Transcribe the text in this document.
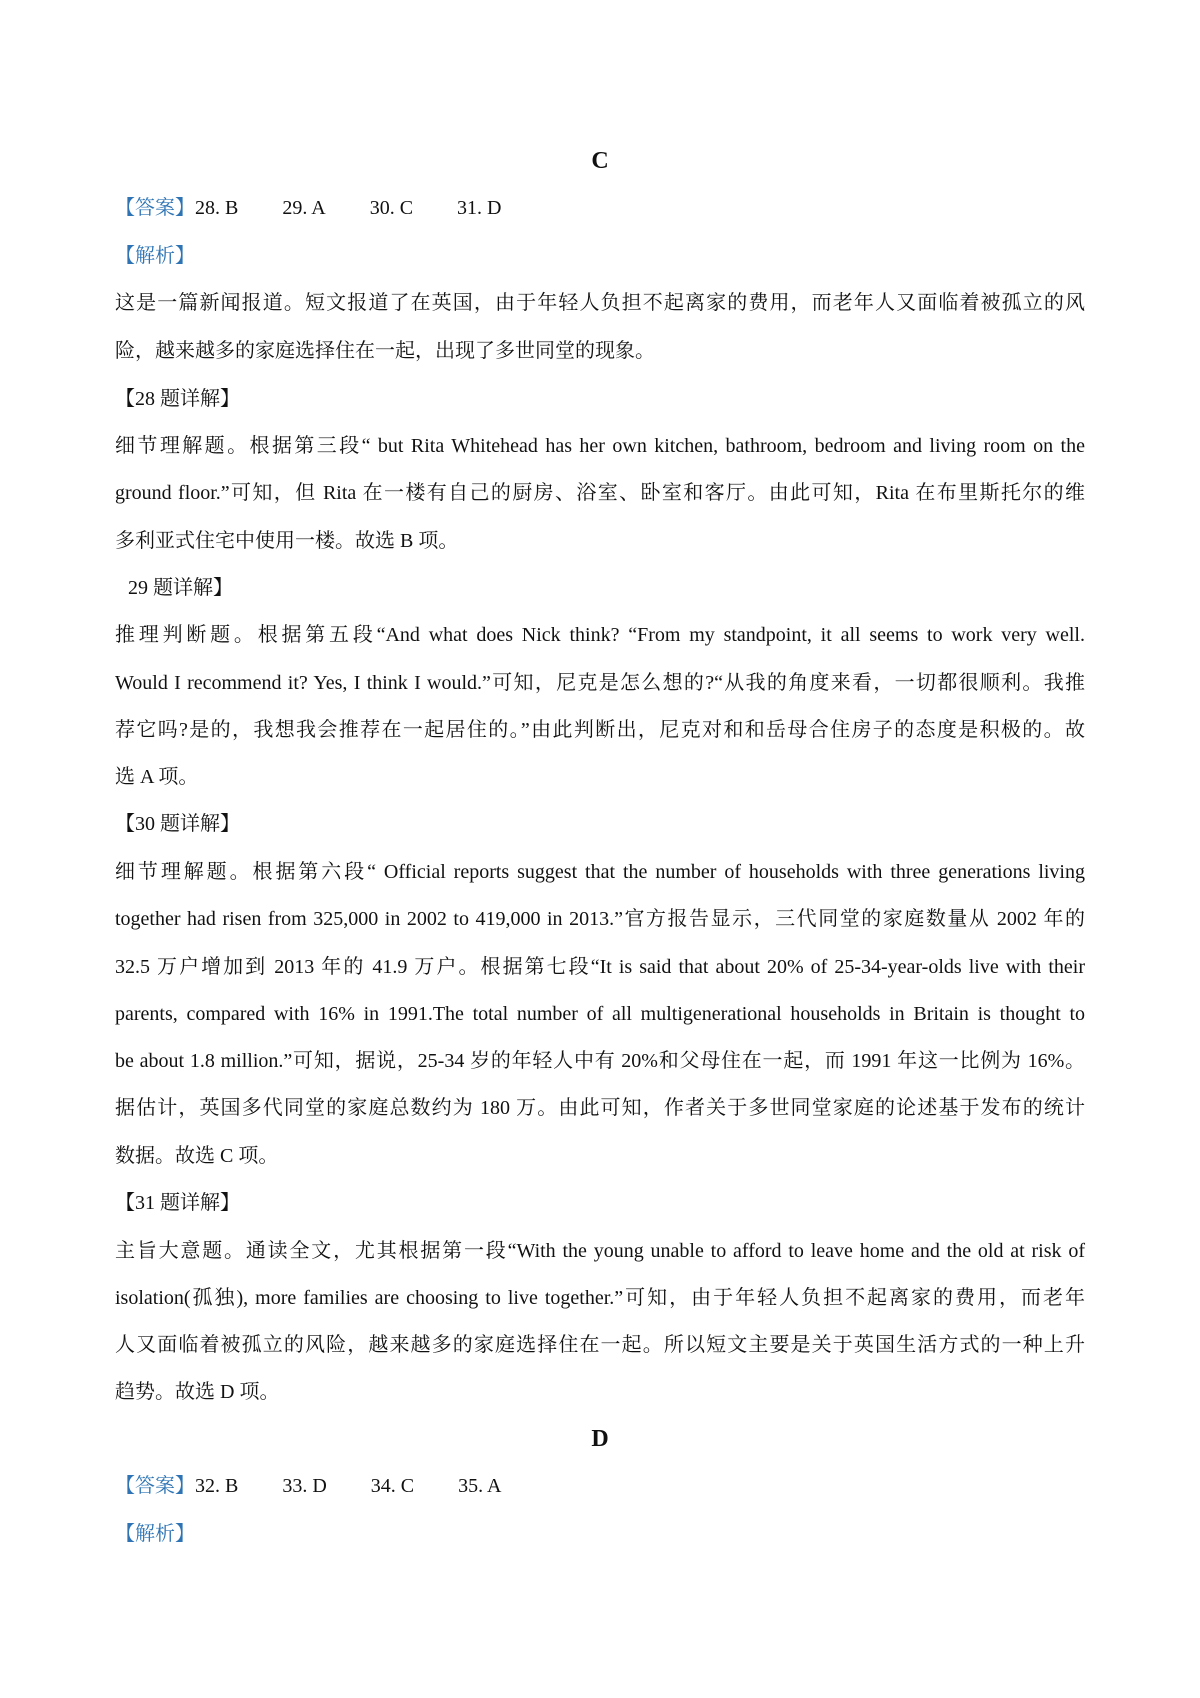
C
【答案】28. B 29. A 30. C 31. D
【解析】
这是一篇新闻报道。短文报道了在英国，由于年轻人负担不起离家的费用，而老年人又面临着被孤立的风
险，越来越多的家庭选择住在一起，出现了多世同堂的现象。
【28 题详解】
细节理解题。根据第三段“ but Rita Whitehead has her own kitchen, bathroom, bedroom and living room on the
ground floor.”可知，但 Rita 在一楼有自己的厨房、浴室、卧室和客厅。由此可知，Rita 在布里斯托尔的维
多利亚式住宅中使用一楼。故选 B 项。
29 题详解】
推理判断题。根据第五段“And what does Nick think? “From my standpoint, it all seems to work very well.
Would I recommend it? Yes, I think I would.”可知，尼克是怎么想的?“从我的角度来看，一切都很顺利。我推
荐它吗?是的，我想我会推荐在一起居住的。”由此判断出，尼克对和和岳母合住房子的态度是积极的。故
选 A 项。
【30 题详解】
细节理解题。根据第六段“ Official reports suggest that the number of households with three generations living
together had risen from 325,000 in 2002 to 419,000 in 2013.”官方报告显示，三代同堂的家庭数量从 2002 年的
32.5 万户增加到 2013 年的 41.9 万户。根据第七段“It is said that about 20% of 25-34-year-olds live with their
parents, compared with 16% in 1991.The total number of all multigenerational households in Britain is thought to
be about 1.8 million.”可知，据说，25-34 岁的年轻人中有 20%和父母住在一起，而 1991 年这一比例为 16%。
据估计，英国多代同堂的家庭总数约为 180 万。由此可知，作者关于多世同堂家庭的论述基于发布的统计
数据。故选 C 项。
【31 题详解】
主旨大意题。通读全文，尤其根据第一段“With the young unable to afford to leave home and the old at risk of
isolation(孤独), more families are choosing to live together.”可知，由于年轻人负担不起离家的费用，而老年
人又面临着被孤立的风险，越来越多的家庭选择住在一起。所以短文主要是关于英国生活方式的一种上升
趋势。故选 D 项。
D
【答案】32. B 33. D 34. C 35. A
【解析】
